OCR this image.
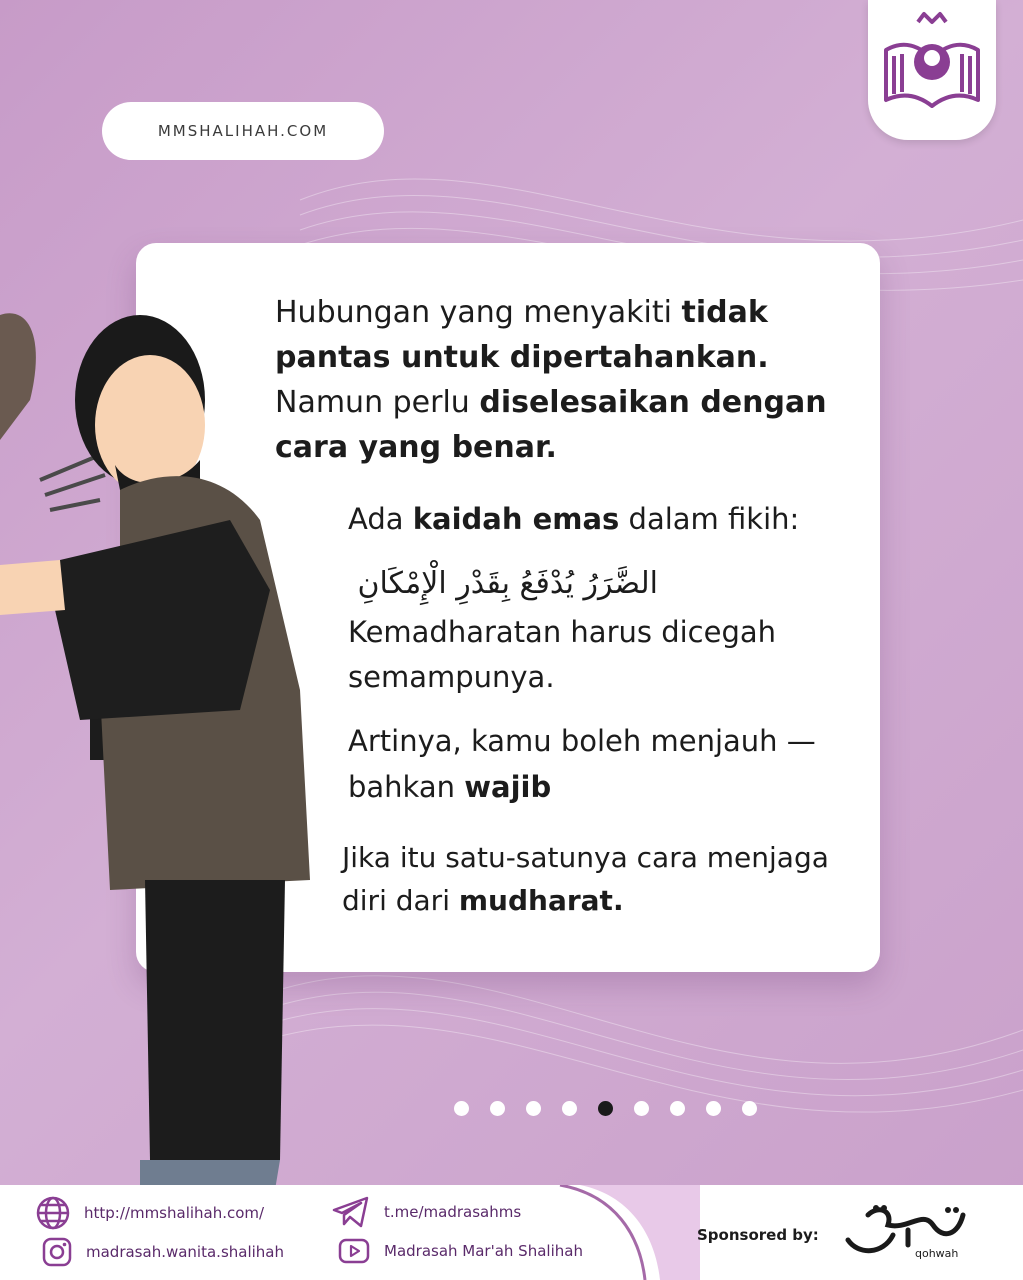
MMSHALIHAH.COM
Hubungan yang menyakiti tidak pantas untuk dipertahankan. Namun perlu diselesaikan dengan cara yang benar.
Ada kaidah emas dalam fikih:
الضَّرَرُ يُدْفَعُ بِقَدْرِ الْإِمْكَانِ
Kemadharatan harus dicegah semampunya.
Artinya, kamu boleh menjauh — bahkan wajib
Jika itu satu-satunya cara menjaga diri dari mudharat.
http://mmshalihah.com/
madrasah.wanita.shalihah
t.me/madrasahms
Madrasah Mar'ah Shalihah
Sponsored by:
qohwah
